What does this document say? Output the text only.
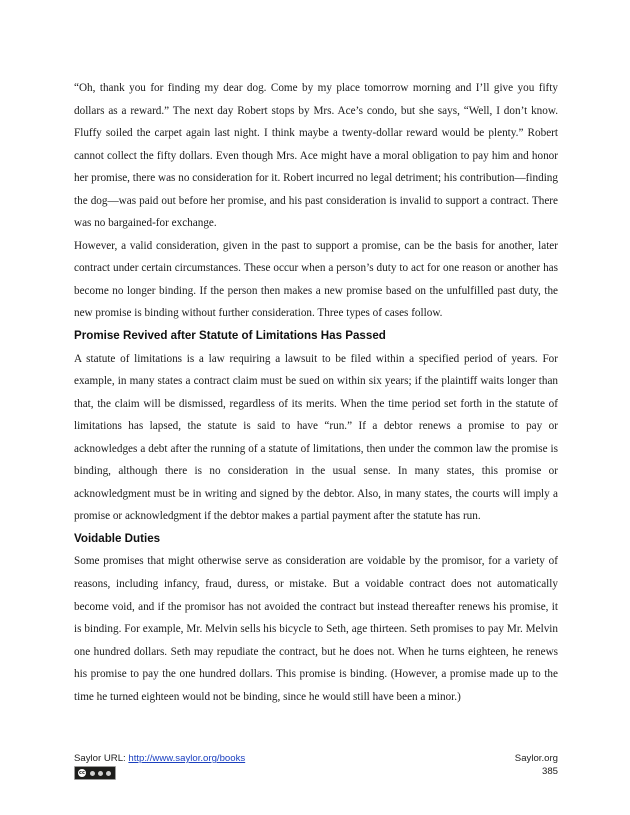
“Oh, thank you for finding my dear dog. Come by my place tomorrow morning and I’ll give you fifty dollars as a reward.” The next day Robert stops by Mrs. Ace’s condo, but she says, “Well, I don’t know. Fluffy soiled the carpet again last night. I think maybe a twenty-dollar reward would be plenty.” Robert cannot collect the fifty dollars. Even though Mrs. Ace might have a moral obligation to pay him and honor her promise, there was no consideration for it. Robert incurred no legal detriment; his contribution—finding the dog—was paid out before her promise, and his past consideration is invalid to support a contract. There was no bargained-for exchange.

However, a valid consideration, given in the past to support a promise, can be the basis for another, later contract under certain circumstances. These occur when a person’s duty to act for one reason or another has become no longer binding. If the person then makes a new promise based on the unfulfilled past duty, the new promise is binding without further consideration. Three types of cases follow.

Promise Revived after Statute of Limitations Has Passed

A statute of limitations is a law requiring a lawsuit to be filed within a specified period of years. For example, in many states a contract claim must be sued on within six years; if the plaintiff waits longer than that, the claim will be dismissed, regardless of its merits. When the time period set forth in the statute of limitations has lapsed, the statute is said to have “run.” If a debtor renews a promise to pay or acknowledges a debt after the running of a statute of limitations, then under the common law the promise is binding, although there is no consideration in the usual sense. In many states, this promise or acknowledgment must be in writing and signed by the debtor. Also, in many states, the courts will imply a promise or acknowledgment if the debtor makes a partial payment after the statute has run.

Voidable Duties

Some promises that might otherwise serve as consideration are voidable by the promisor, for a variety of reasons, including infancy, fraud, duress, or mistake. But a voidable contract does not automatically become void, and if the promisor has not avoided the contract but instead thereafter renews his promise, it is binding. For example, Mr. Melvin sells his bicycle to Seth, age thirteen. Seth promises to pay Mr. Melvin one hundred dollars. Seth may repudiate the contract, but he does not. When he turns eighteen, he renews his promise to pay the one hundred dollars. This promise is binding. (However, a promise made up to the time he turned eighteen would not be binding, since he would still have been a minor.)

Saylor URL: http://www.saylor.org/books
cc
Saylor.org
385
